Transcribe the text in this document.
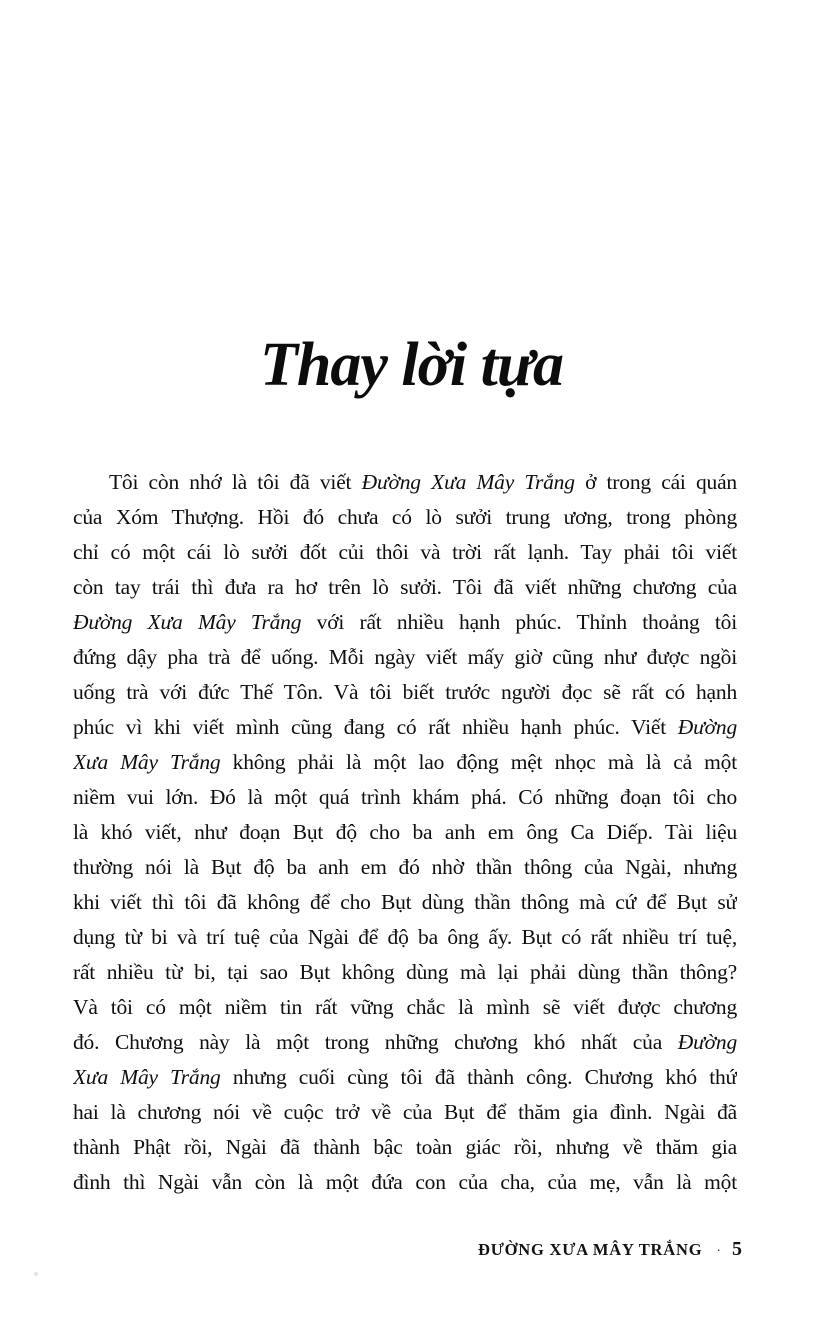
Thay lời tựa
Tôi còn nhớ là tôi đã viết Đường Xưa Mây Trắng ở trong cái quán
của Xóm Thượng. Hồi đó chưa có lò sưởi trung ương, trong phòng
chỉ có một cái lò sưởi đốt củi thôi và trời rất lạnh. Tay phải tôi viết
còn tay trái thì đưa ra hơ trên lò sưởi. Tôi đã viết những chương của
Đường Xưa Mây Trắng với rất nhiều hạnh phúc. Thỉnh thoảng tôi
đứng dậy pha trà để uống. Mỗi ngày viết mấy giờ cũng như được ngồi
uống trà với đức Thế Tôn. Và tôi biết trước người đọc sẽ rất có hạnh
phúc vì khi viết mình cũng đang có rất nhiều hạnh phúc. Viết Đường
Xưa Mây Trắng không phải là một lao động mệt nhọc mà là cả một
niềm vui lớn. Đó là một quá trình khám phá. Có những đoạn tôi cho
là khó viết, như đoạn Bụt độ cho ba anh em ông Ca Diếp. Tài liệu
thường nói là Bụt độ ba anh em đó nhờ thần thông của Ngài, nhưng
khi viết thì tôi đã không để cho Bụt dùng thần thông mà cứ để Bụt sử
dụng từ bi và trí tuệ của Ngài để độ ba ông ấy. Bụt có rất nhiều trí tuệ,
rất nhiều từ bi, tại sao Bụt không dùng mà lại phải dùng thần thông?
Và tôi có một niềm tin rất vững chắc là mình sẽ viết được chương
đó. Chương này là một trong những chương khó nhất của Đường
Xưa Mây Trắng nhưng cuối cùng tôi đã thành công. Chương khó thứ
hai là chương nói về cuộc trở về của Bụt để thăm gia đình. Ngài đã
thành Phật rồi, Ngài đã thành bậc toàn giác rồi, nhưng về thăm gia
đình thì Ngài vẫn còn là một đứa con của cha, của mẹ, vẫn là một
ĐƯỜNG XƯA MÂY TRẮNG · 5
